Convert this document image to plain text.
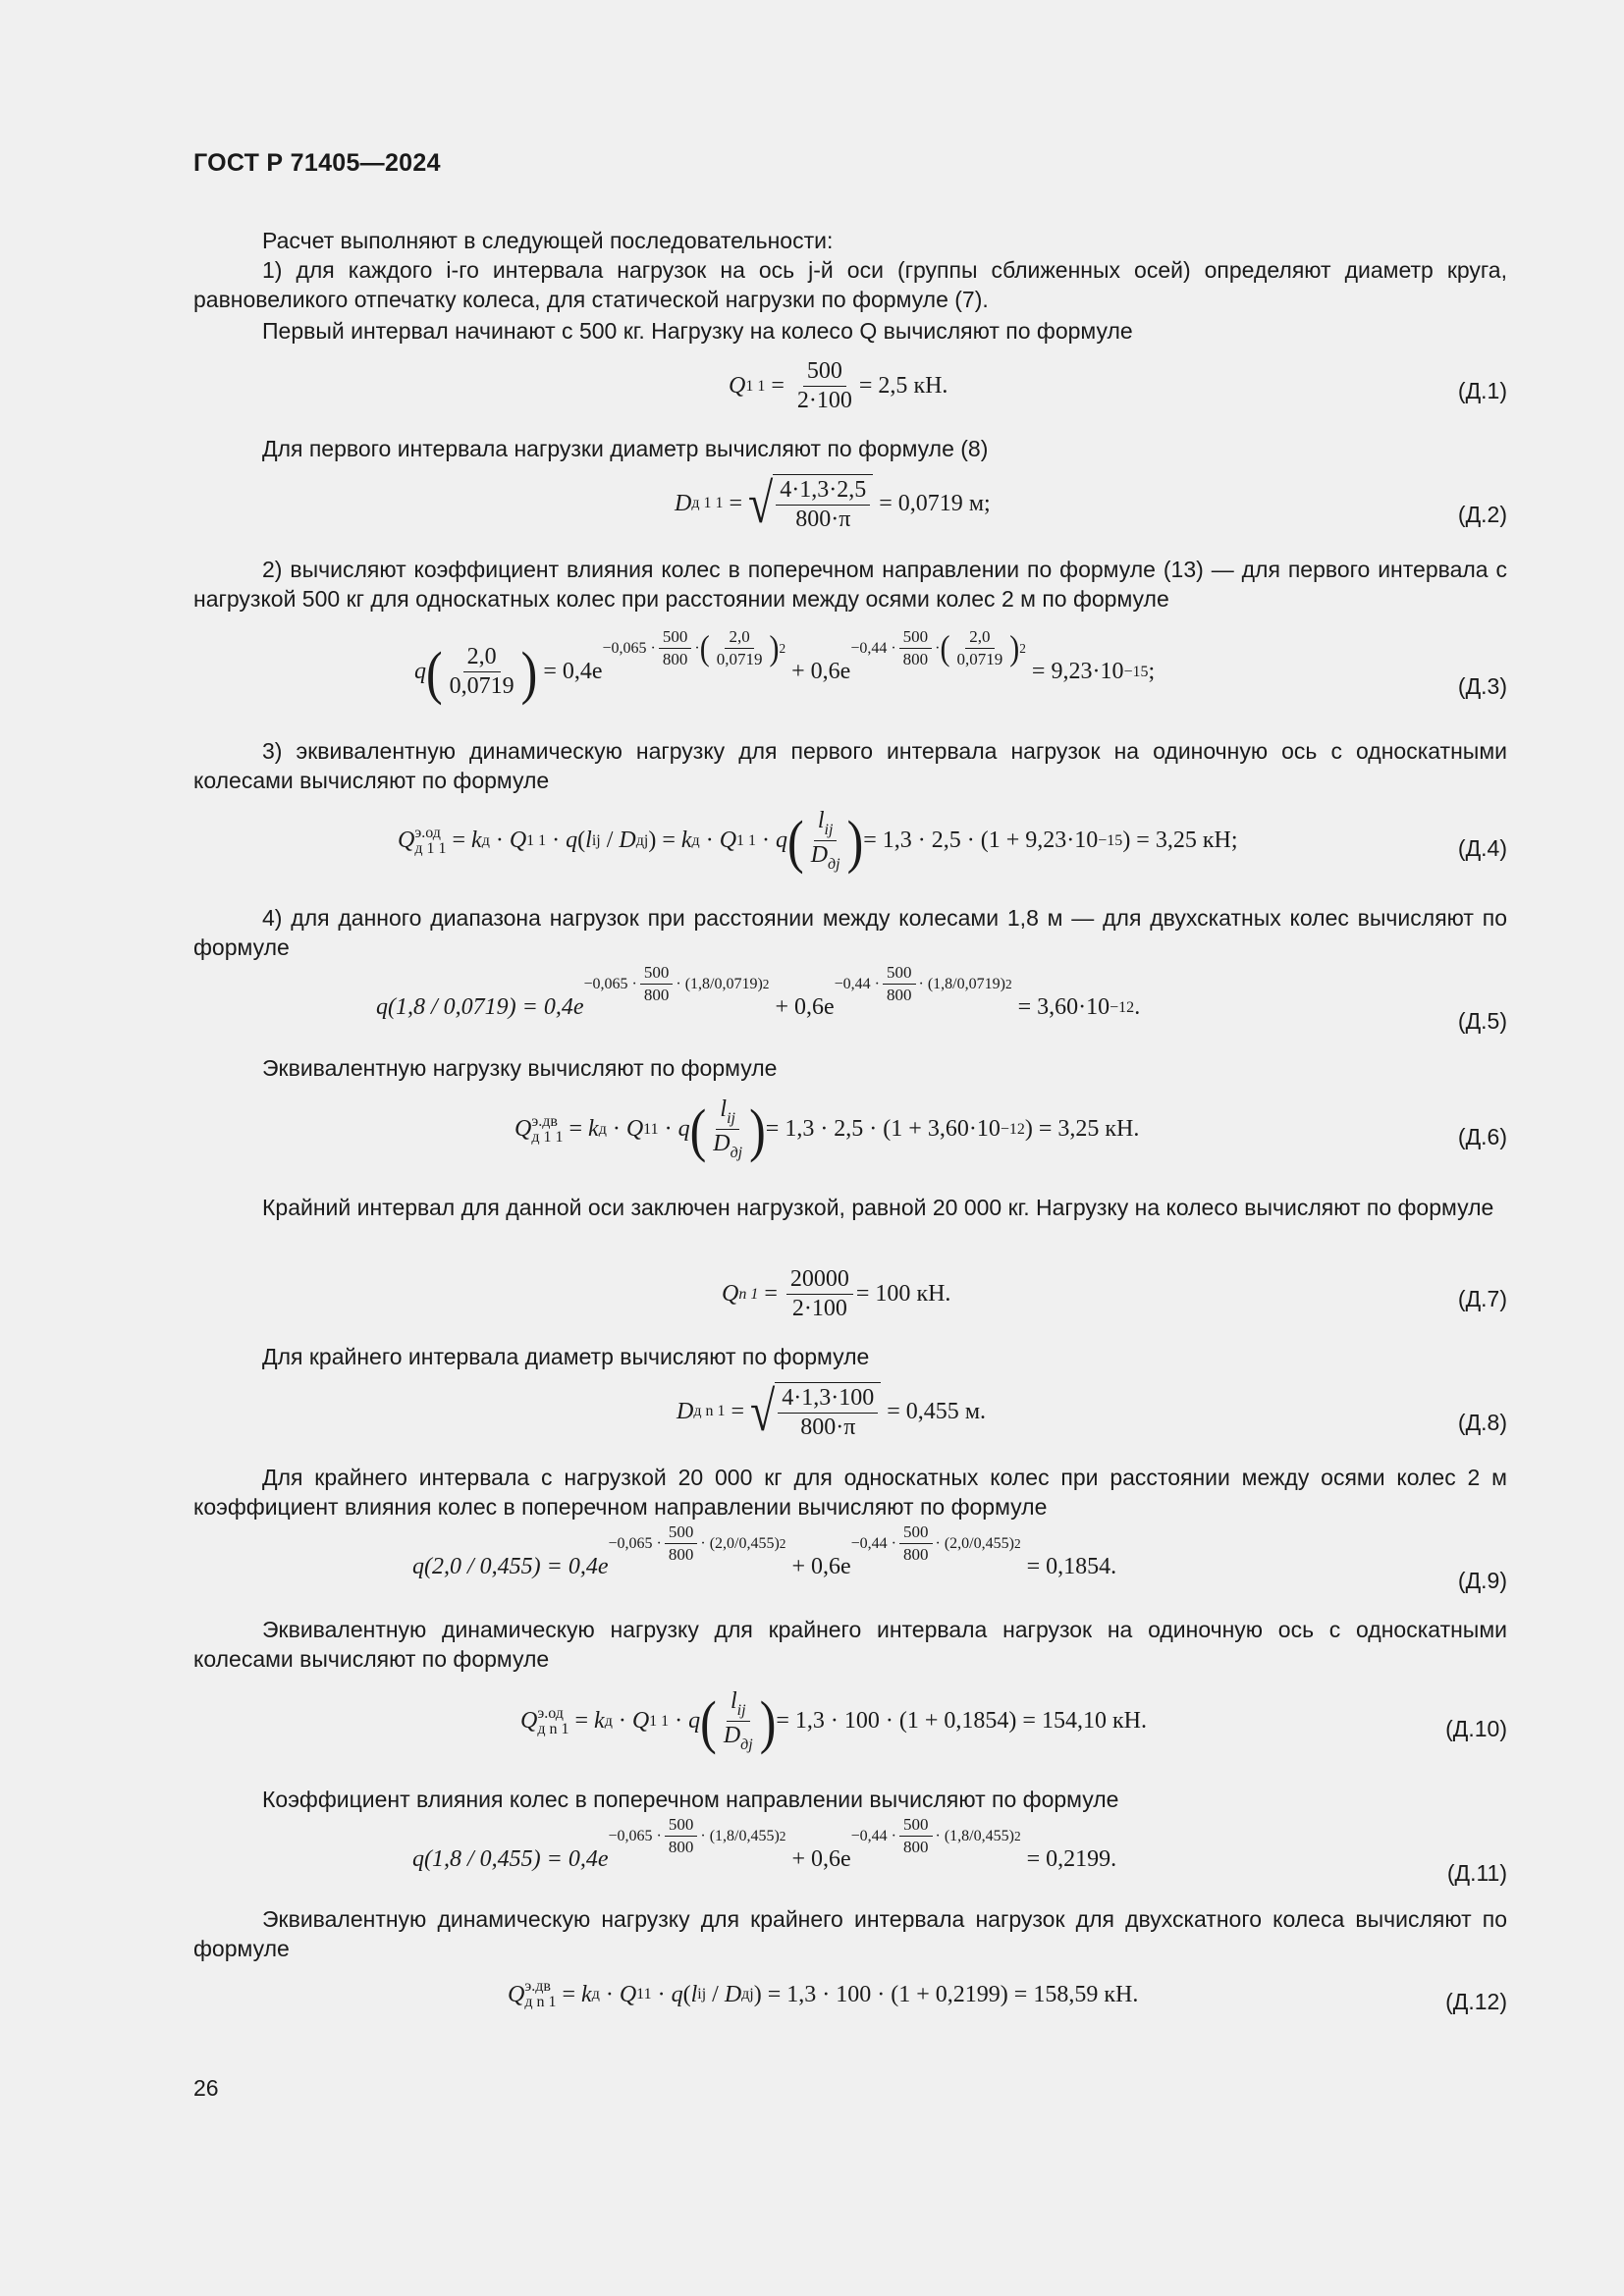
ГОСТ Р 71405—2024
Расчет выполняют в следующей последовательности:
1) для каждого i-го интервала нагрузок на ось j-й оси (группы сближенных осей) определяют диаметр круга, равновеликого отпечатку колеса, для статической нагрузки по формуле (7).
Первый интервал начинают с 500 кг. Нагрузку на колесо Q вычисляют по формуле
Q 1 $1 = \frac{500}{2\cdot 100} = 2,5$
кН.	(Д.1)
Для первого интервала нагрузки диаметр вычисляют по формуле (8)
D д 1 1 = √ $\frac{4\cdot 1,3\cdot 2,5}{800\cdot\pi}$
= 0,0719
м;	(Д.2)
2) вычисляют коэффициент влияния колес в поперечном направлении по формуле (13) — для первого интервала с нагрузкой 500 кг для односкатных колес при расстоянии между осями колес 2 м по формуле
q ( $\frac{2,0}{0,0719}$ ) = 0,4e
$-0,065 \cdot \frac{500}{800}$ · ( $\frac{2,0}{0,0719}$ ) 2

+ 0,6e
$-0,44 \cdot \frac{500}{800}$ · ( $\frac{2,0}{0,0719}$ ) 2

= 9,23·10 −15 ;
(Д.3)
3) эквивалентную динамическую нагрузку для первого интервала нагрузок на одиночную ось с односкатными колесами вычисляют по формуле
Q э.од
д 1 1 = k д · Q 1 1 · q ( l ij / D дj ) = k д · Q 1 1 · q ( $l_{ij}$
$D_{дj}$ ) = 1,3 · 2,5 · (1 + 9,23·10 −15 ) = 3,25
кН;	(Д.4)
4) для данного диапазона нагрузок при расстоянии между колесами 1,8 м — для двухскатных колес вычисляют по формуле
q(1,8 / 0,0719) = 0,4e
$-0,065 \cdot \frac{500}{800} \cdot (1,8/0,0719)$ 2

+ 0,6e
$-0,44 \cdot \frac{500}{800} \cdot (1,8/0,0719)$ 2

= 3,60·10 −12 .
(Д.5)
Эквивалентную нагрузку вычисляют по формуле
Q э.дв
д 1 1 = k д · Q 11 · q ( $l_{ij}$
$D_{дj}$ ) = 1,3 · 2,5 · (1 + 3,60·10 −12 ) = 3,25
кН.	(Д.6)
Крайний интервал для данной оси заключен нагрузкой, равной 20 000 кг. Нагрузку на колесо вычисляют по формуле
Q n $1 = \frac{20000}{2\cdot 100} = 100$
кН.	(Д.7)
Для крайнего интервала диаметр вычисляют по формуле
D д n 1 = √ $\frac{4\cdot 1,3\cdot 100}{800\cdot\pi}$
= 0,455
м.	(Д.8)
Для крайнего интервала с нагрузкой 20 000 кг для односкатных колес при расстоянии между осями колес 2 м коэффициент влияния колес в поперечном направлении вычисляют по формуле
q(2,0 / 0,455) = 0,4e
$-0,065 \cdot \frac{500}{800} \cdot (2,0/0,455)$ 2

+ 0,6e
$-0,44 \cdot \frac{500}{800} \cdot (2,0/0,455)$ 2

= 0,1854.
(Д.9)
Эквивалентную динамическую нагрузку для крайнего интервала нагрузок на одиночную ось с односкатными колесами вычисляют по формуле
Q э.од
д n 1 = k д · Q 1 1 · q ( $l_{ij}$
$D_{дj}$ ) = 1,3 · 100 · (1 + 0,1854) = 154,10
кН.	(Д.10)
Коэффициент влияния колес в поперечном направлении вычисляют по формуле
q(1,8 / 0,455) = 0,4e
$-0,065 \cdot \frac{500}{800} \cdot (1,8/0,455)$ 2

+ 0,6e
$-0,44 \cdot \frac{500}{800} \cdot (1,8/0,455)$ 2

= 0,2199.
(Д.11)
Эквивалентную динамическую нагрузку для крайнего интервала нагрузок для двухскатного колеса вычисляют по формуле
Q э.дв
д n 1 = k д · Q 11 · q ( l ij / D дj ) = 1,3 · 100 · (1 + 0,2199) = 158,59
кН.	(Д.12)
26
